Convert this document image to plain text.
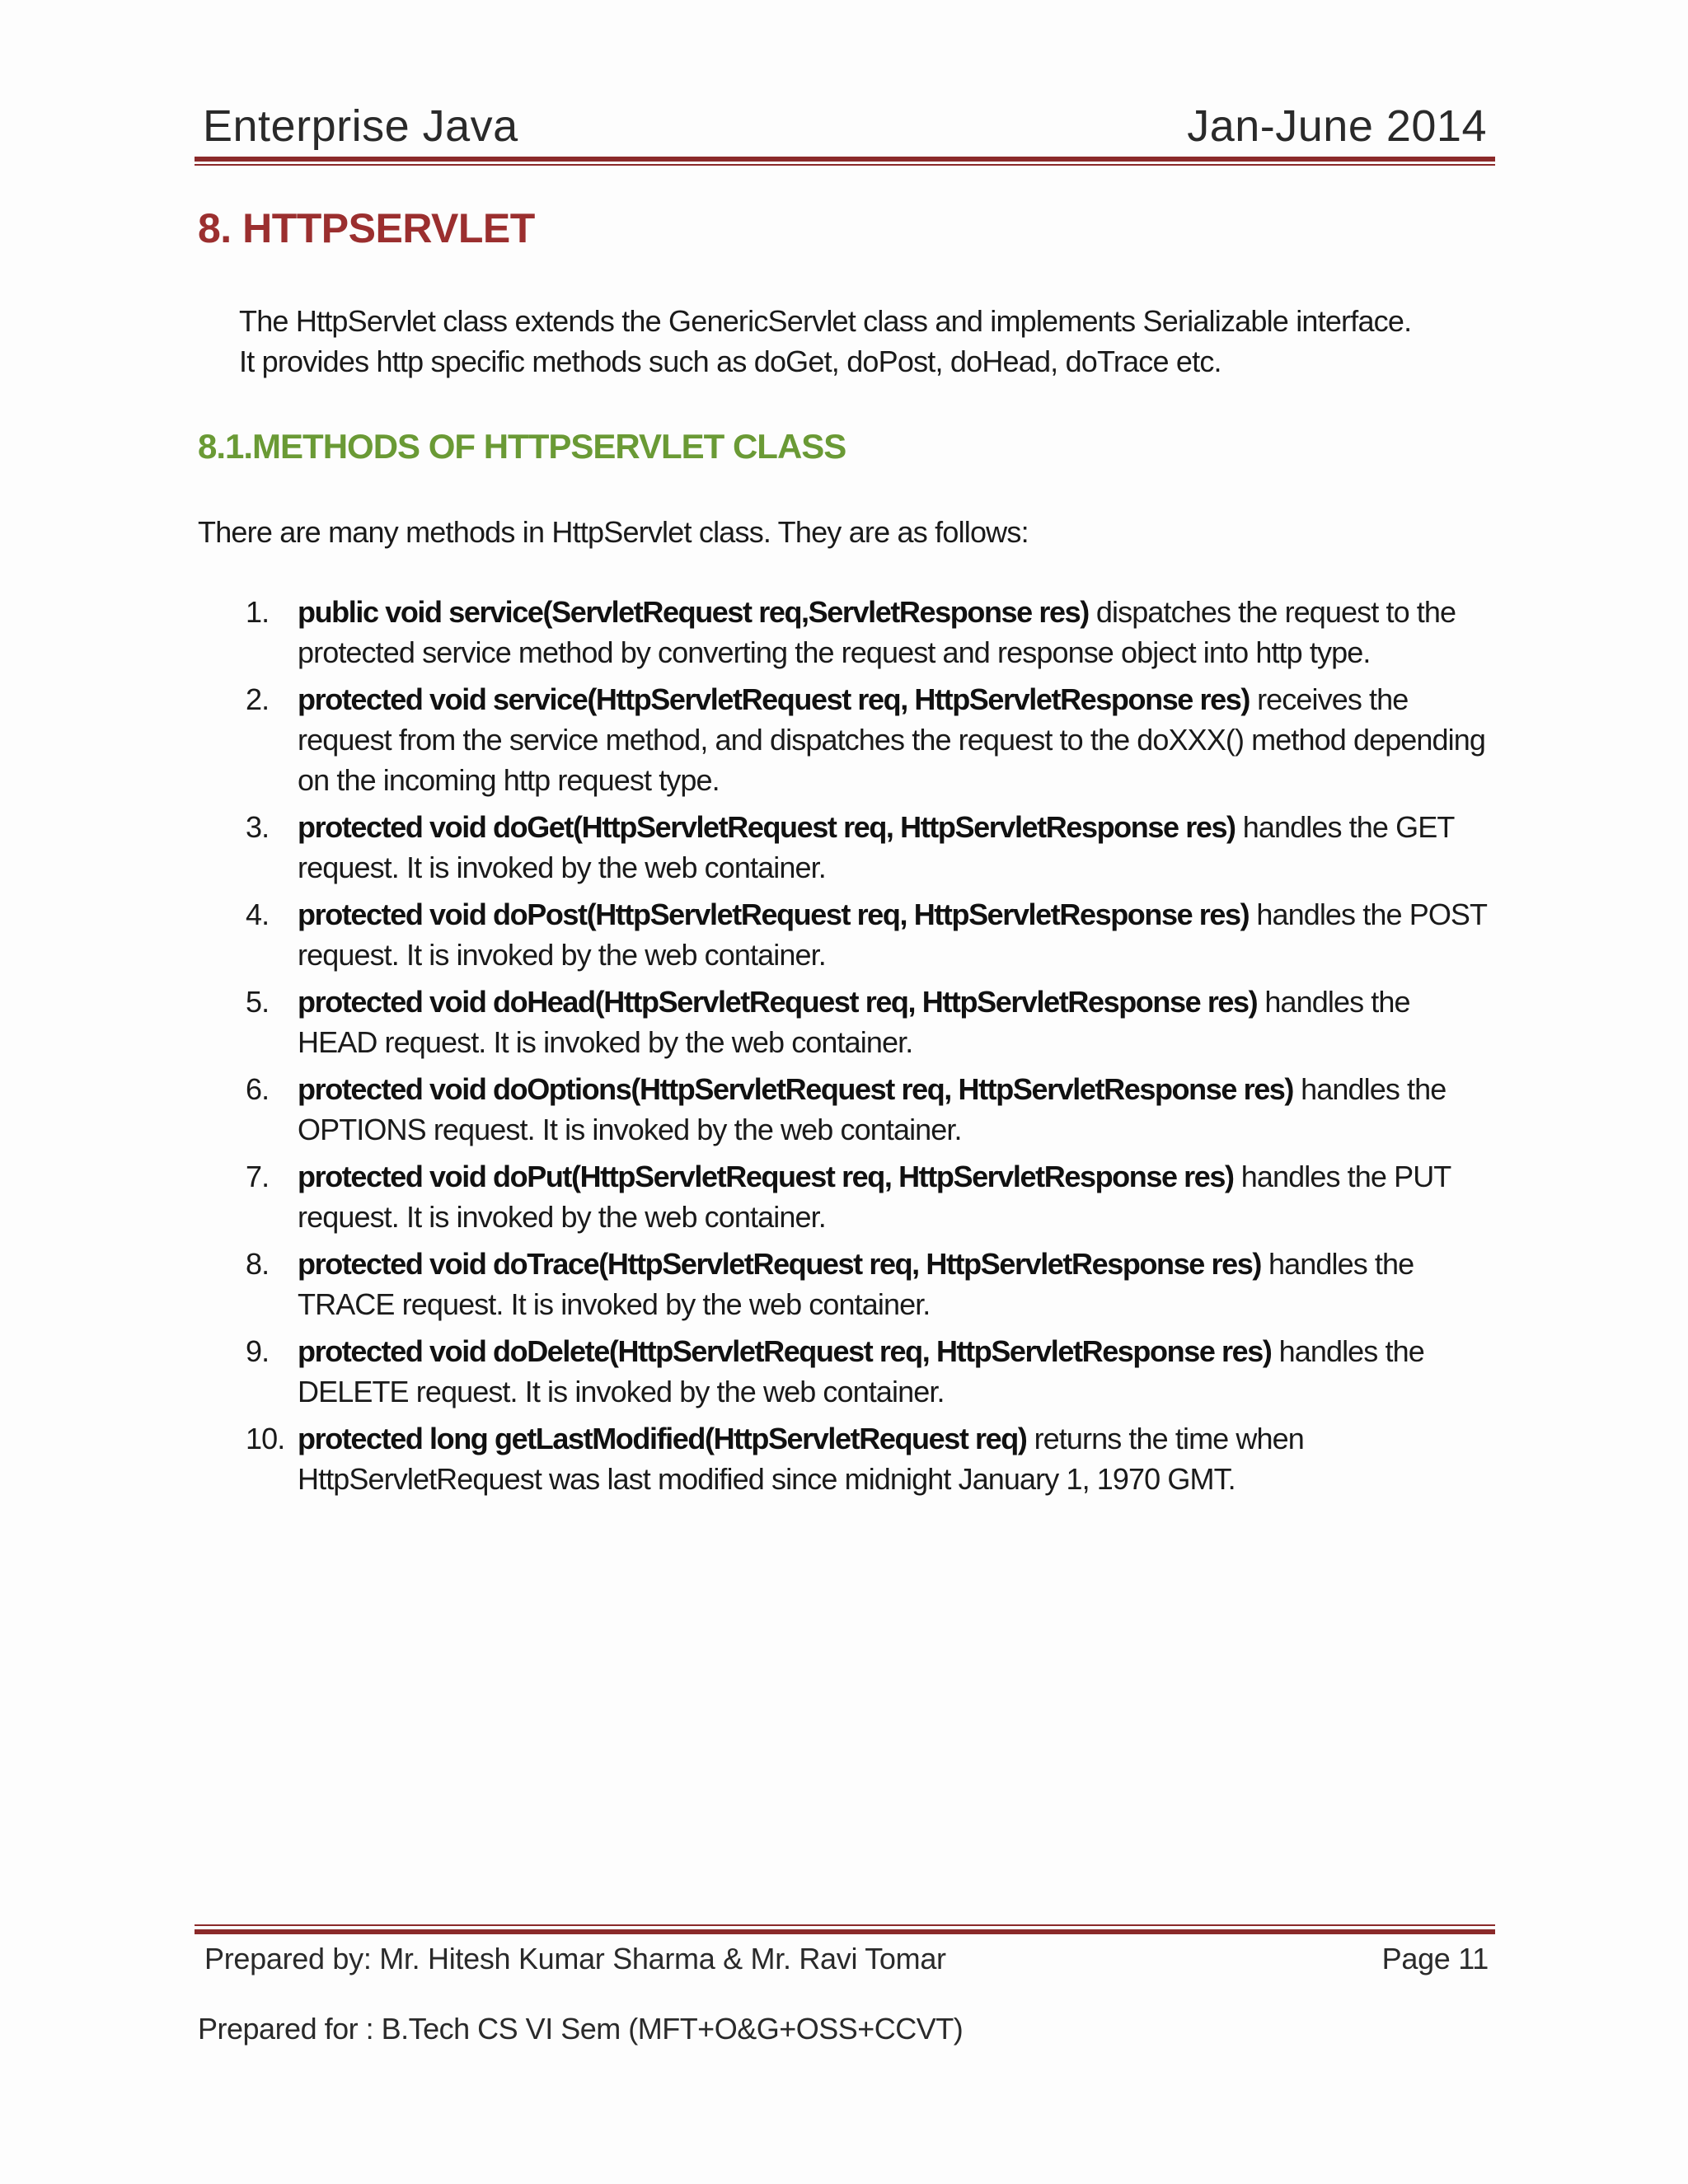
Enterprise Java	Jan-June 2014
8. HTTPSERVLET

The HttpServlet class extends the GenericServlet class and implements Serializable interface.

It provides http specific methods such as doGet, doPost, doHead, doTrace etc.

8.1.METHODS OF HTTPSERVLET CLASS
There are many methods in HttpServlet class. They are as follows:
1. public void service(ServletRequest req,ServletResponse res) dispatches the request to the protected service method by converting the request and response object into http type.
2. protected void service(HttpServletRequest req, HttpServletResponse res) receives the request from the service method, and dispatches the request to the doXXX() method depending on the incoming http request type.
3. protected void doGet(HttpServletRequest req, HttpServletResponse res) handles the GET request. It is invoked by the web container.
4. protected void doPost(HttpServletRequest req, HttpServletResponse res) handles the POST request. It is invoked by the web container.
5. protected void doHead(HttpServletRequest req, HttpServletResponse res) handles the HEAD request. It is invoked by the web container.
6. protected void doOptions(HttpServletRequest req, HttpServletResponse res) handles the OPTIONS request. It is invoked by the web container.
7. protected void doPut(HttpServletRequest req, HttpServletResponse res) handles the PUT request. It is invoked by the web container.
8. protected void doTrace(HttpServletRequest req, HttpServletResponse res) handles the TRACE request. It is invoked by the web container.
9. protected void doDelete(HttpServletRequest req, HttpServletResponse res) handles the DELETE request. It is invoked by the web container.
10. protected long getLastModified(HttpServletRequest req) returns the time when HttpServletRequest was last modified since midnight January 1, 1970 GMT.
Prepared by: Mr. Hitesh Kumar Sharma & Mr. Ravi Tomar	Page 11
Prepared for : B.Tech CS VI Sem (MFT+O&G+OSS+CCVT)
